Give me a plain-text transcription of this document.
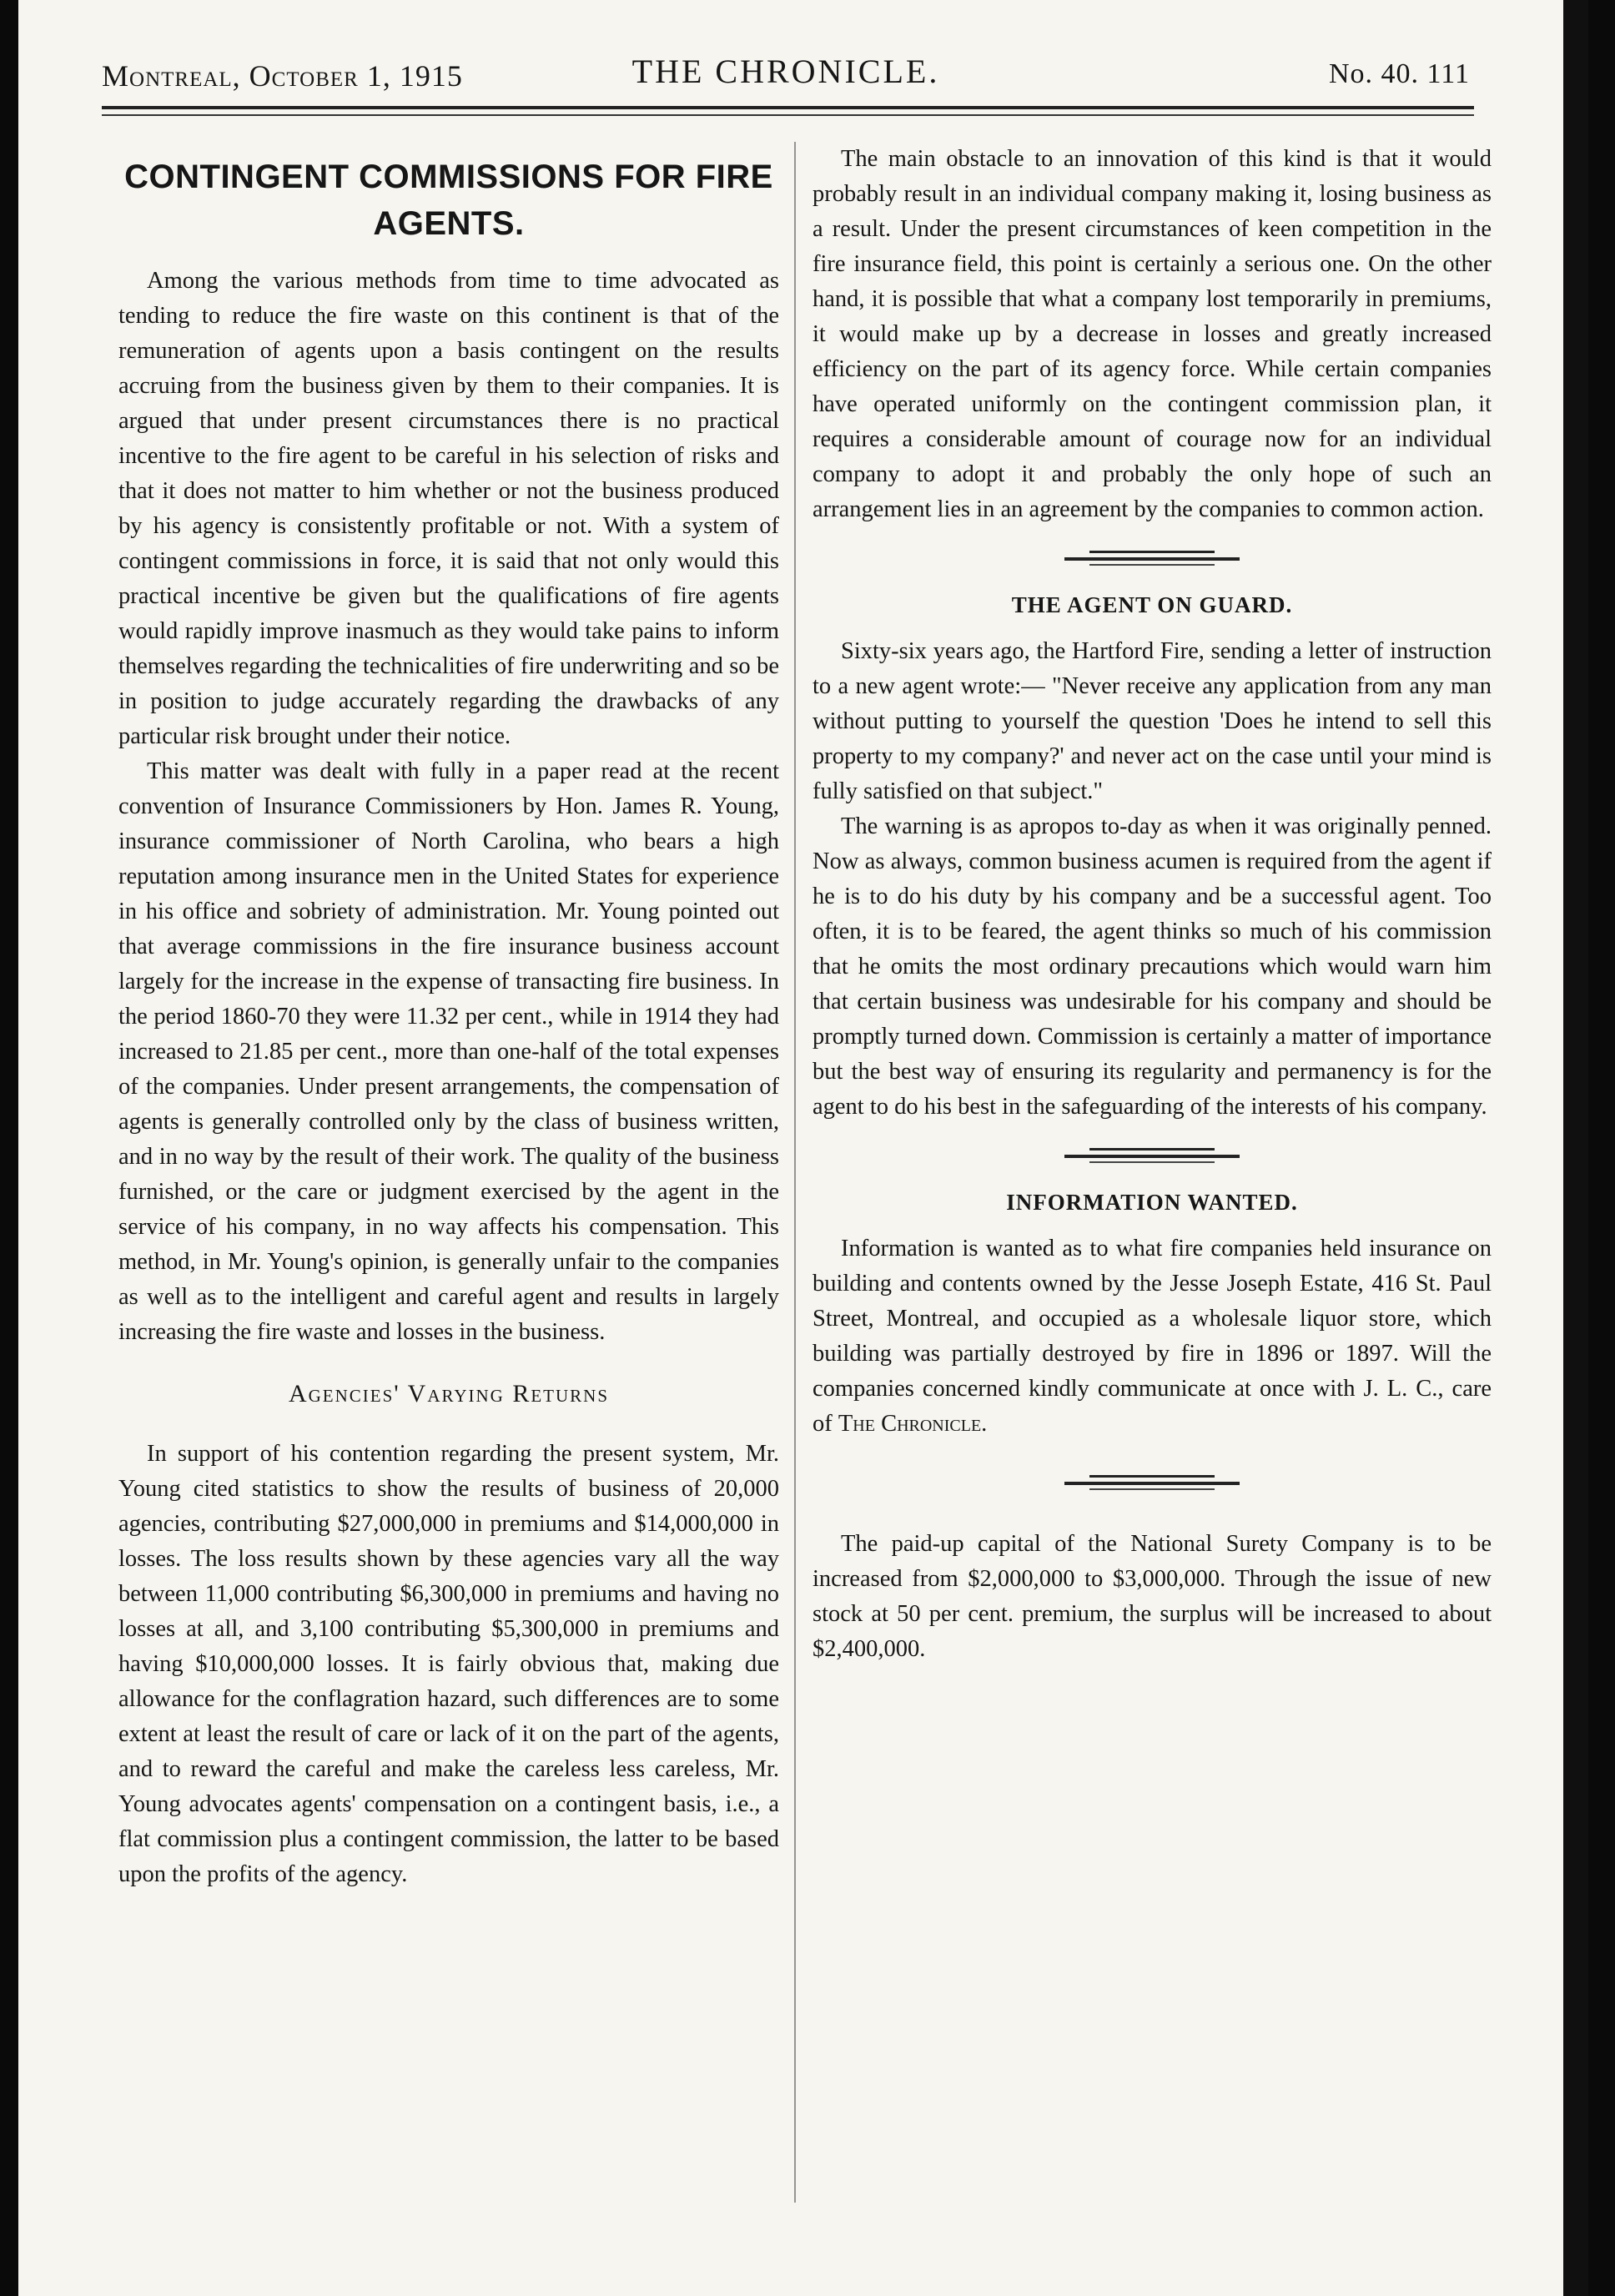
Montreal, October 1, 1915	THE CHRONICLE.	No. 40. 111
CONTINGENT COMMISSIONS FOR FIRE AGENTS.

Among the various methods from time to time advocated as tending to reduce the fire waste on this continent is that of the remuneration of agents upon a basis contingent on the results accruing from the business given by them to their companies. It is argued that under present circumstances there is no practical incentive to the fire agent to be careful in his selection of risks and that it does not matter to him whether or not the business produced by his agency is consistently profitable or not. With a system of contingent commissions in force, it is said that not only would this practical incentive be given but the qualifications of fire agents would rapidly improve inasmuch as they would take pains to inform themselves regarding the technicalities of fire underwriting and so be in position to judge accurately regarding the drawbacks of any particular risk brought under their notice.

This matter was dealt with fully in a paper read at the recent convention of Insurance Commissioners by Hon. James R. Young, insurance commissioner of North Carolina, who bears a high reputation among insurance men in the United States for experience in his office and sobriety of administration. Mr. Young pointed out that average commissions in the fire insurance business account largely for the increase in the expense of transacting fire business. In the period 1860-70 they were 11.32 per cent., while in 1914 they had increased to 21.85 per cent., more than one-half of the total expenses of the companies. Under present arrangements, the compensation of agents is generally controlled only by the class of business written, and in no way by the result of their work. The quality of the business furnished, or the care or judgment exercised by the agent in the service of his company, in no way affects his compensation. This method, in Mr. Young's opinion, is generally unfair to the companies as well as to the intelligent and careful agent and results in largely increasing the fire waste and losses in the business.

Agencies' Varying Returns

In support of his contention regarding the present system, Mr. Young cited statistics to show the results of business of 20,000 agencies, contributing $27,000,000 in premiums and $14,000,000 in losses. The loss results shown by these agencies vary all the way between 11,000 contributing $6,300,000 in premiums and having no losses at all, and 3,100 contributing $5,300,000 in premiums and having $10,000,000 losses. It is fairly obvious that, making due allowance for the conflagration hazard, such differences are to some extent at least the result of care or lack of it on the part of the agents, and to reward the careful and make the careless less careless, Mr. Young advocates agents' compensation on a contingent basis, i.e., a flat commission plus a contingent commission, the latter to be based upon the profits of the agency.

The main obstacle to an innovation of this kind is that it would probably result in an individual company making it, losing business as a result. Under the present circumstances of keen competition in the fire insurance field, this point is certainly a serious one. On the other hand, it is possible that what a company lost temporarily in premiums, it would make up by a decrease in losses and greatly increased efficiency on the part of its agency force. While certain companies have operated uniformly on the contingent commission plan, it requires a considerable amount of courage now for an individual company to adopt it and probably the only hope of such an arrangement lies in an agreement by the companies to common action.

THE AGENT ON GUARD.

Sixty-six years ago, the Hartford Fire, sending a letter of instruction to a new agent wrote:— "Never receive any application from any man without putting to yourself the question 'Does he intend to sell this property to my company?' and never act on the case until your mind is fully satisfied on that subject."

The warning is as apropos to-day as when it was originally penned. Now as always, common business acumen is required from the agent if he is to do his duty by his company and be a successful agent. Too often, it is to be feared, the agent thinks so much of his commission that he omits the most ordinary precautions which would warn him that certain business was undesirable for his company and should be promptly turned down. Commission is certainly a matter of importance but the best way of ensuring its regularity and permanency is for the agent to do his best in the safeguarding of the interests of his company.

INFORMATION WANTED.

Information is wanted as to what fire companies held insurance on building and contents owned by the Jesse Joseph Estate, 416 St. Paul Street, Montreal, and occupied as a wholesale liquor store, which building was partially destroyed by fire in 1896 or 1897. Will the companies concerned kindly communicate at once with J. L. C., care of The Chronicle.

The paid-up capital of the National Surety Company is to be increased from $2,000,000 to $3,000,000. Through the issue of new stock at 50 per cent. premium, the surplus will be increased to about $2,400,000.
